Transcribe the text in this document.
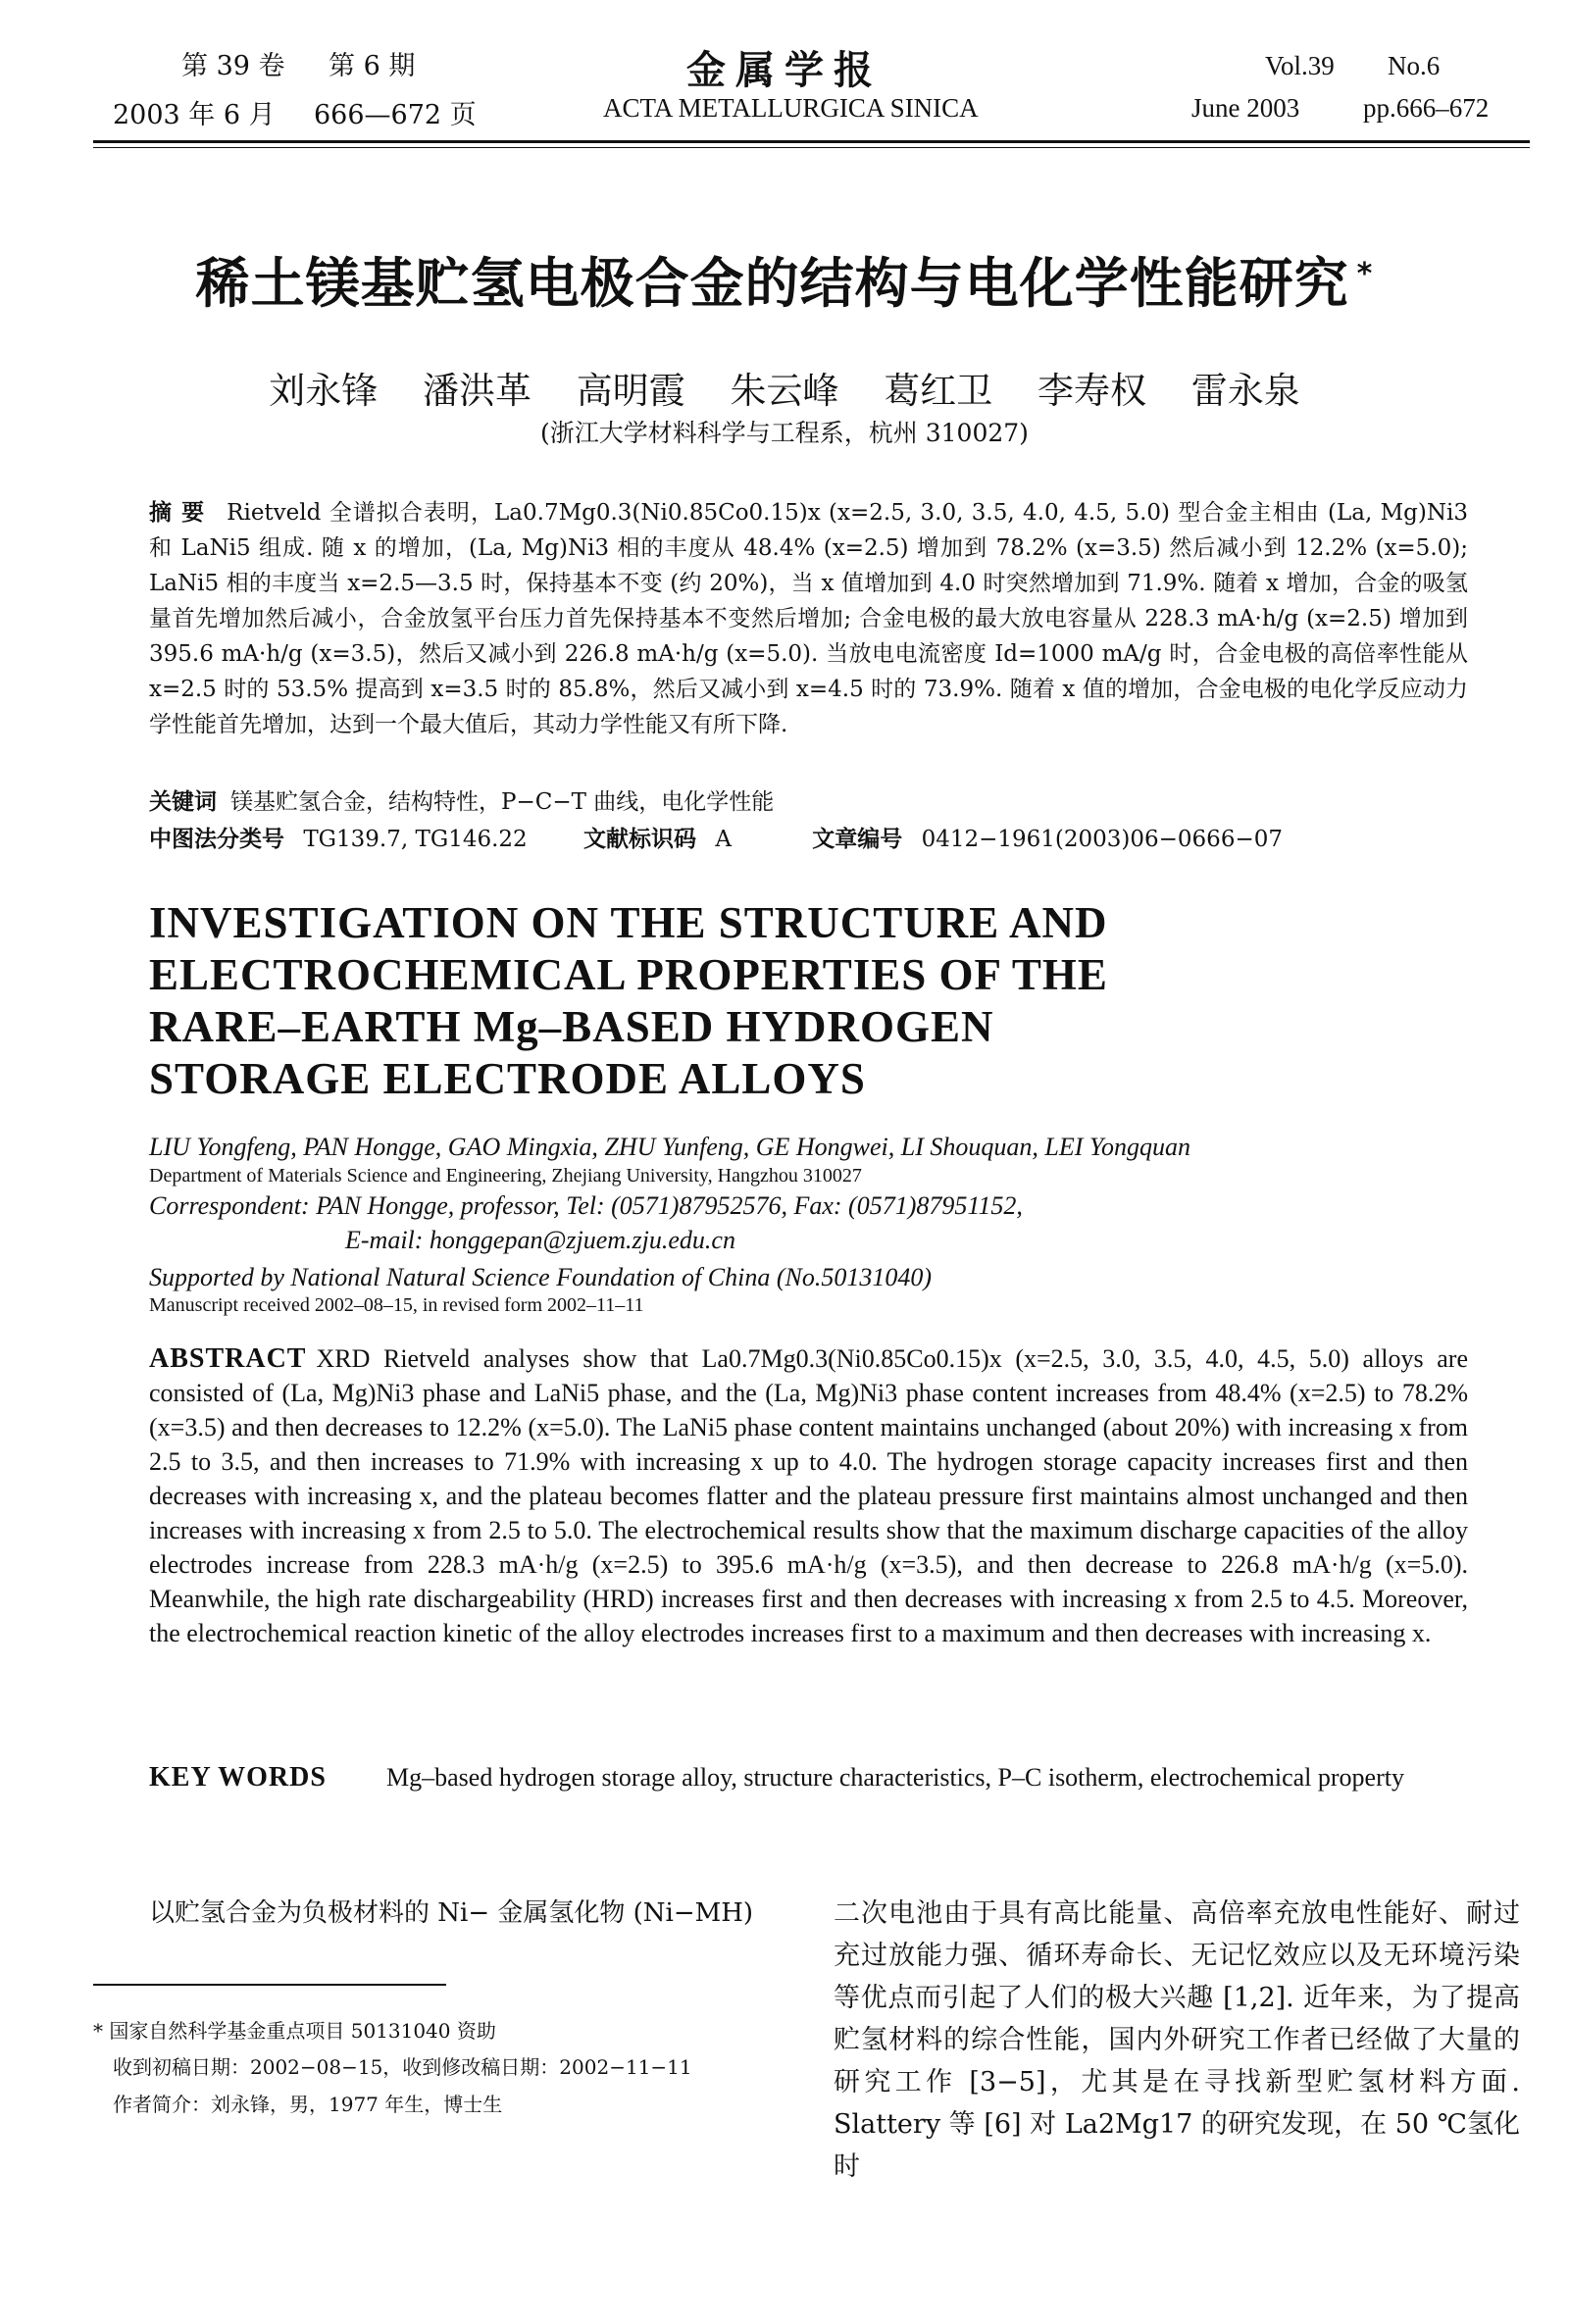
第 39 卷 第 6 期
2003 年 6 月 666—672 页
金属学报
ACTA METALLURGICA SINICA
Vol.39 No.6
June 2003 pp.666–672
稀土镁基贮氢电极合金的结构与电化学性能研究 *
刘永锋 潘洪革 高明霞 朱云峰 葛红卫 李寿权 雷永泉
(浙江大学材料科学与工程系，杭州 310027)
摘 要 Rietveld 全谱拟合表明，La0.7Mg0.3(Ni0.85Co0.15)x (x=2.5, 3.0, 3.5, 4.0, 4.5, 5.0) 型合金主相由 (La, Mg)Ni3 和 LaNi5 组成. 随 x 的增加，(La, Mg)Ni3 相的丰度从 48.4% (x=2.5) 增加到 78.2% (x=3.5) 然后减小到 12.2% (x=5.0); LaNi5 相的丰度当 x=2.5—3.5 时，保持基本不变 (约 20%)，当 x 值增加到 4.0 时突然增加到 71.9%. 随着 x 增加，合金的吸氢量首先增加然后减小，合金放氢平台压力首先保持基本不变然后增加; 合金电极的最大放电容量从 228.3 mA·h/g (x=2.5) 增加到 395.6 mA·h/g (x=3.5)，然后又减小到 226.8 mA·h/g (x=5.0). 当放电电流密度 Id=1000 mA/g 时，合金电极的高倍率性能从 x=2.5 时的 53.5% 提高到 x=3.5 时的 85.8%，然后又减小到 x=4.5 时的 73.9%. 随着 x 值的增加，合金电极的电化学反应动力学性能首先增加，达到一个最大值后，其动力学性能又有所下降.
关键词 镁基贮氢合金，结构特性，P−C−T 曲线，电化学性能
中图法分类号 TG139.7, TG146.22 文献标识码 A	文章编号 0412−1961(2003)06−0666−07
INVESTIGATION ON THE STRUCTURE AND
ELECTROCHEMICAL PROPERTIES OF THE
RARE–EARTH Mg–BASED HYDROGEN
STORAGE ELECTRODE ALLOYS
LIU Yongfeng, PAN Hongge, GAO Mingxia, ZHU Yunfeng, GE Hongwei, LI Shouquan, LEI Yongquan
Department of Materials Science and Engineering, Zhejiang University, Hangzhou 310027
Correspondent: PAN Hongge, professor, Tel: (0571)87952576, Fax: (0571)87951152,
E-mail: honggepan@zjuem.zju.edu.cn
Supported by National Natural Science Foundation of China (No.50131040)
Manuscript received 2002–08–15, in revised form 2002–11–11
ABSTRACT XRD Rietveld analyses show that La0.7Mg0.3(Ni0.85Co0.15)x (x=2.5, 3.0, 3.5, 4.0, 4.5, 5.0) alloys are consisted of (La, Mg)Ni3 phase and LaNi5 phase, and the (La, Mg)Ni3 phase content increases from 48.4% (x=2.5) to 78.2% (x=3.5) and then decreases to 12.2% (x=5.0). The LaNi5 phase content maintains unchanged (about 20%) with increasing x from 2.5 to 3.5, and then increases to 71.9% with increasing x up to 4.0. The hydrogen storage capacity increases first and then decreases with increasing x, and the plateau becomes flatter and the plateau pressure first maintains almost unchanged and then increases with increasing x from 2.5 to 5.0. The electrochemical results show that the maximum discharge capacities of the alloy electrodes increase from 228.3 mA·h/g (x=2.5) to 395.6 mA·h/g (x=3.5), and then decrease to 226.8 mA·h/g (x=5.0). Meanwhile, the high rate dischargeability (HRD) increases first and then decreases with increasing x from 2.5 to 4.5. Moreover, the electrochemical reaction kinetic of the alloy electrodes increases first to a maximum and then decreases with increasing x.
KEY WORDS Mg–based hydrogen storage alloy, structure characteristics, P–C isotherm, electrochemical property
以贮氢合金为负极材料的 Ni− 金属氢化物 (Ni−MH)
* 国家自然科学基金重点项目 50131040 资助
收到初稿日期：2002−08−15，收到修改稿日期：2002−11−11
作者简介：刘永锋，男，1977 年生，博士生
二次电池由于具有高比能量、高倍率充放电性能好、耐过充过放能力强、循环寿命长、无记忆效应以及无环境污染等优点而引起了人们的极大兴趣 [1,2]. 近年来，为了提高贮氢材料的综合性能，国内外研究工作者已经做了大量的研究工作 [3−5]，尤其是在寻找新型贮氢材料方面. Slattery 等 [6] 对 La2Mg17 的研究发现，在 50 ℃氢化时
